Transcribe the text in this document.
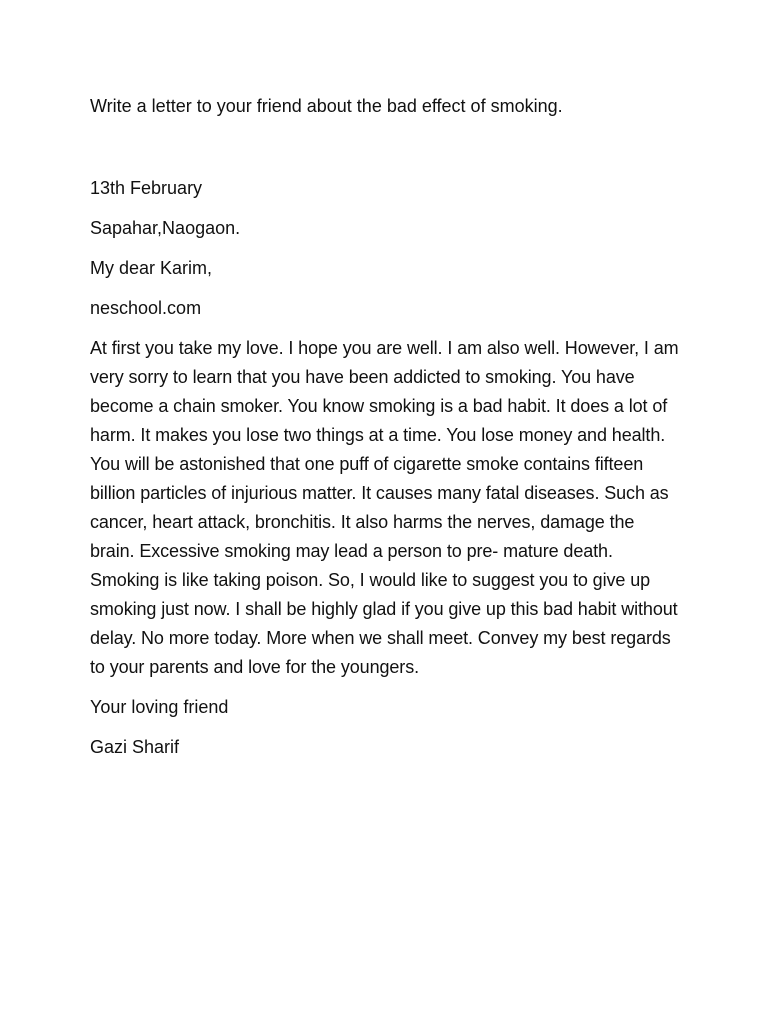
Write a letter to your friend about the bad effect of smoking.

13th February

Sapahar,Naogaon.

My dear Karim,

neschool.com

At first you take my love. I hope you are well. I am also well. However, I am very sorry to learn that you have been addicted to smoking. You have become a chain smoker. You know smoking is a bad habit. It does a lot of harm. It makes you lose two things at a time. You lose money and health. You will be astonished that one puff of cigarette smoke contains fifteen billion particles of injurious matter. It causes many fatal diseases. Such as cancer, heart attack, bronchitis. It also harms the nerves, damage the brain. Excessive smoking may lead a person to pre- mature death. Smoking is like taking poison. So, I would like to suggest you to give up smoking just now. I shall be highly glad if you give up this bad habit without delay. No more today. More when we shall meet. Convey my best regards to your parents and love for the youngers.

Your loving friend

Gazi Sharif
